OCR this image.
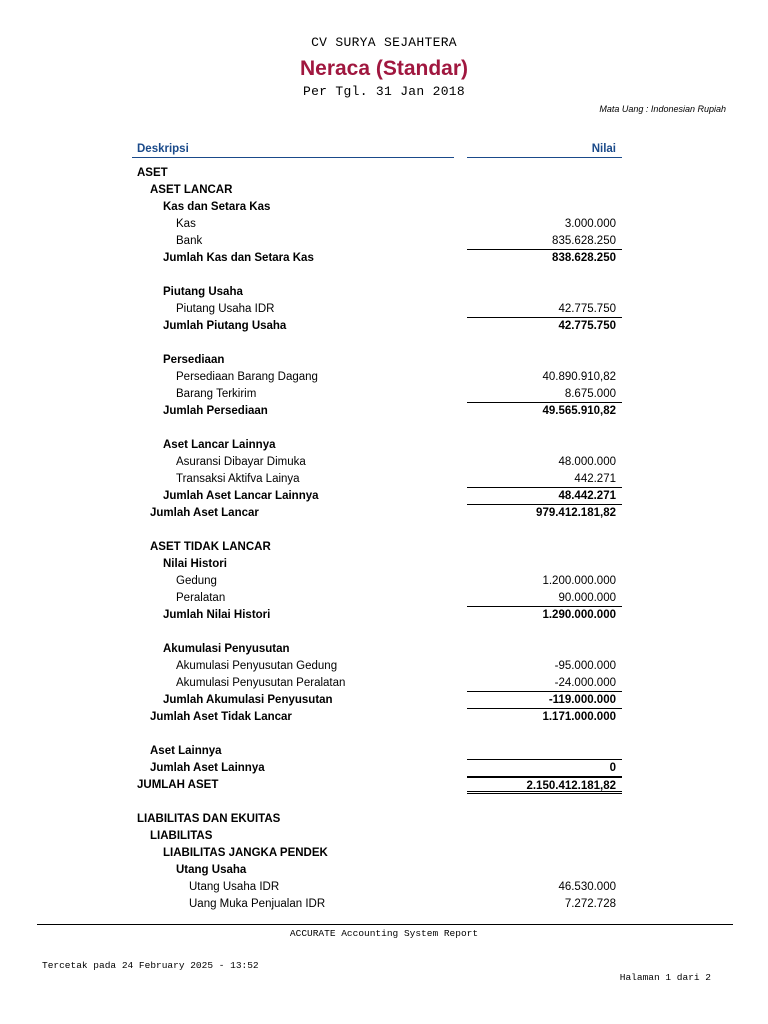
CV SURYA SEJAHTERA
Neraca (Standar)
Per Tgl. 31 Jan 2018
Mata Uang : Indonesian Rupiah
Deskripsi	Nilai
ASET
ASET LANCAR
Kas dan Setara Kas
Kas	3.000.000
Bank	835.628.250
Jumlah Kas dan Setara Kas	838.628.250
Piutang Usaha
Piutang Usaha IDR	42.775.750
Jumlah Piutang Usaha	42.775.750
Persediaan
Persediaan Barang Dagang	40.890.910,82
Barang Terkirim	8.675.000
Jumlah Persediaan	49.565.910,82
Aset Lancar Lainnya
Asuransi Dibayar Dimuka	48.000.000
Transaksi Aktifva Lainya	442.271
Jumlah Aset Lancar Lainnya	48.442.271
Jumlah Aset Lancar	979.412.181,82
ASET TIDAK LANCAR
Nilai Histori
Gedung	1.200.000.000
Peralatan	90.000.000
Jumlah Nilai Histori	1.290.000.000
Akumulasi Penyusutan
Akumulasi Penyusutan Gedung	-95.000.000
Akumulasi Penyusutan Peralatan	-24.000.000
Jumlah Akumulasi Penyusutan	-119.000.000
Jumlah Aset Tidak Lancar	1.171.000.000
Aset Lainnya
Jumlah Aset Lainnya	0
JUMLAH ASET	2.150.412.181,82
LIABILITAS DAN EKUITAS
LIABILITAS
LIABILITAS JANGKA PENDEK
Utang Usaha
Utang Usaha IDR	46.530.000
Uang Muka Penjualan IDR	7.272.728
ACCURATE Accounting System Report
Tercetak pada 24 February 2025 - 13:52
Halaman 1 dari 2
